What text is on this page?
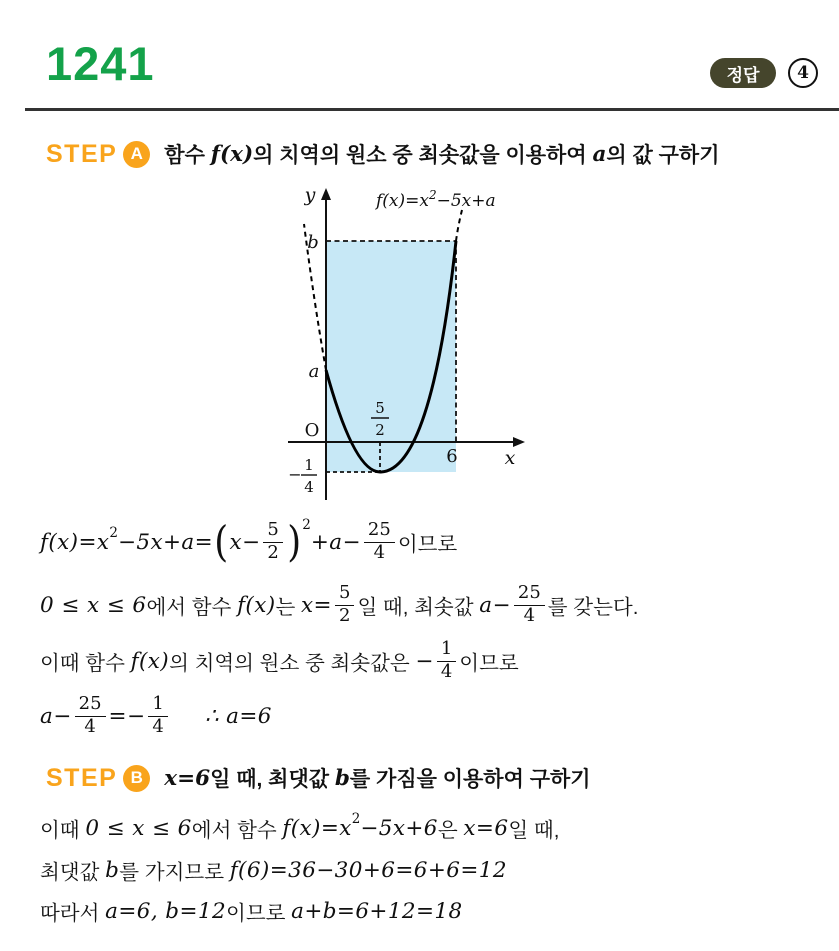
1241	정답	4
STEP A	함수 f(x) 의 치역의 원소 중 최솟값을 이용하여 a 의 값 구하기
$f(x)=x^2-5x+a$
y
x
O
b
a
6
5
2
− 1
4
f(x)=x 2 −5x+a= ( $x- \frac{5}{2}$ ) 2
$+a- \frac{25}{4}$ 이므로
0 ≤ x ≤ 6 에서 함수 f(x) 는 $x= \frac{5}{2}$ 일 때, 최솟값 $a- \frac{25}{4}$ 를 갖는다.
이때 함수 f(x) 의 치역의 원소 중 최솟값은 − $\frac{1}{4}$ 이므로
$a- \frac{25}{4} =- \frac{1}{4}$ ∴ a=6
STEP B x=6 일 때, 최댓값 b 를 가짐을 이용하여 구하기
이때 0 ≤ x ≤ 6 에서 함수 f(x)=x 2 −5x+6 은 x=6 일 때,
최댓값 b 를 가지므로 f(6)=36−30+6=6+6=12
따라서 a=6, b=12 이므로 a+b=6+12=18
